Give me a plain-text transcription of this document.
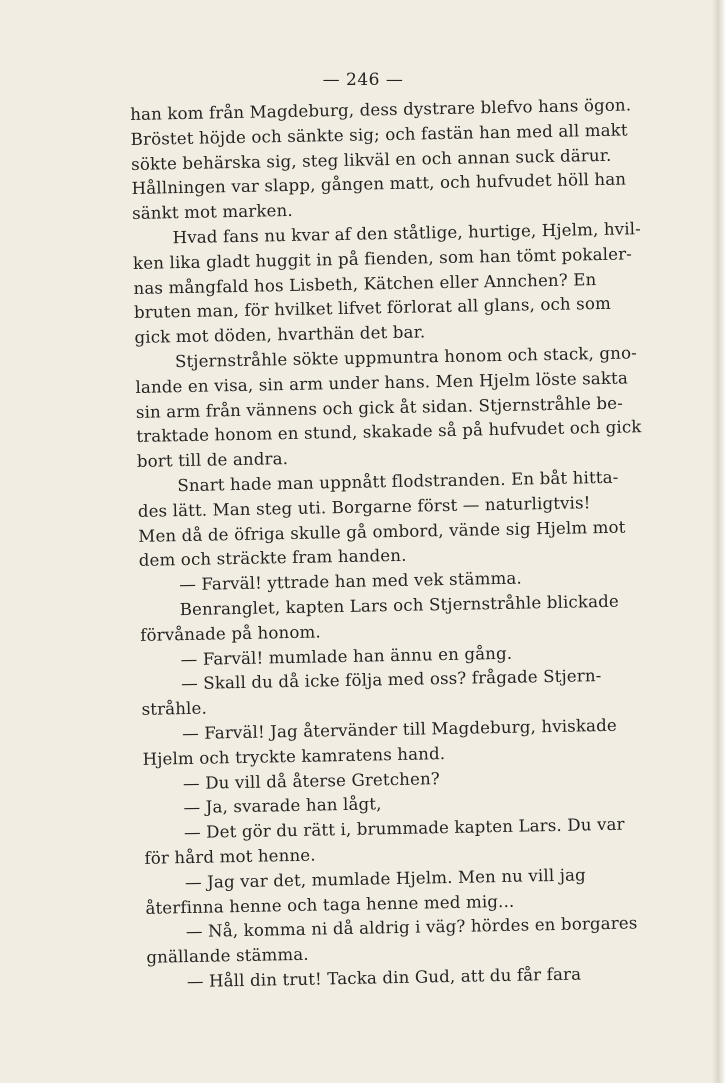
— 246 —
han kom från Magdeburg, dess dystrare blefvo hans ögon.
Bröstet höjde och sänkte sig; och fastän han med all makt
sökte behärska sig, steg likväl en och annan suck därur.
Hållningen var slapp, gången matt, och hufvudet höll han
sänkt mot marken.
Hvad fans nu kvar af den ståtlige, hurtige, Hjelm, hvil-
ken lika gladt huggit in på fienden, som han tömt pokaler-
nas mångfald hos Lisbeth, Kätchen eller Annchen? En
bruten man, för hvilket lifvet förlorat all glans, och som
gick mot döden, hvarthän det bar.
Stjernstråhle sökte uppmuntra honom och stack, gno-
lande en visa, sin arm under hans. Men Hjelm löste sakta
sin arm från vännens och gick åt sidan. Stjernstråhle be-
traktade honom en stund, skakade så på hufvudet och gick
bort till de andra.
Snart hade man uppnått flodstranden. En båt hitta-
des lätt. Man steg uti. Borgarne först — naturligtvis!
Men då de öfriga skulle gå ombord, vände sig Hjelm mot
dem och sträckte fram handen.
— Farväl! yttrade han med vek stämma.
Benranglet, kapten Lars och Stjernstråhle blickade
förvånade på honom.
— Farväl! mumlade han ännu en gång.
— Skall du då icke följa med oss? frågade Stjern-
stråhle.
— Farväl! Jag återvänder till Magdeburg, hviskade
Hjelm och tryckte kamratens hand.
— Du vill då återse Gretchen?
— Ja, svarade han lågt,
— Det gör du rätt i, brummade kapten Lars. Du var
för hård mot henne.
— Jag var det, mumlade Hjelm. Men nu vill jag
återfinna henne och taga henne med mig...
— Nå, komma ni då aldrig i väg? hördes en borgares
gnällande stämma.
— Håll din trut! Tacka din Gud, att du får fara
